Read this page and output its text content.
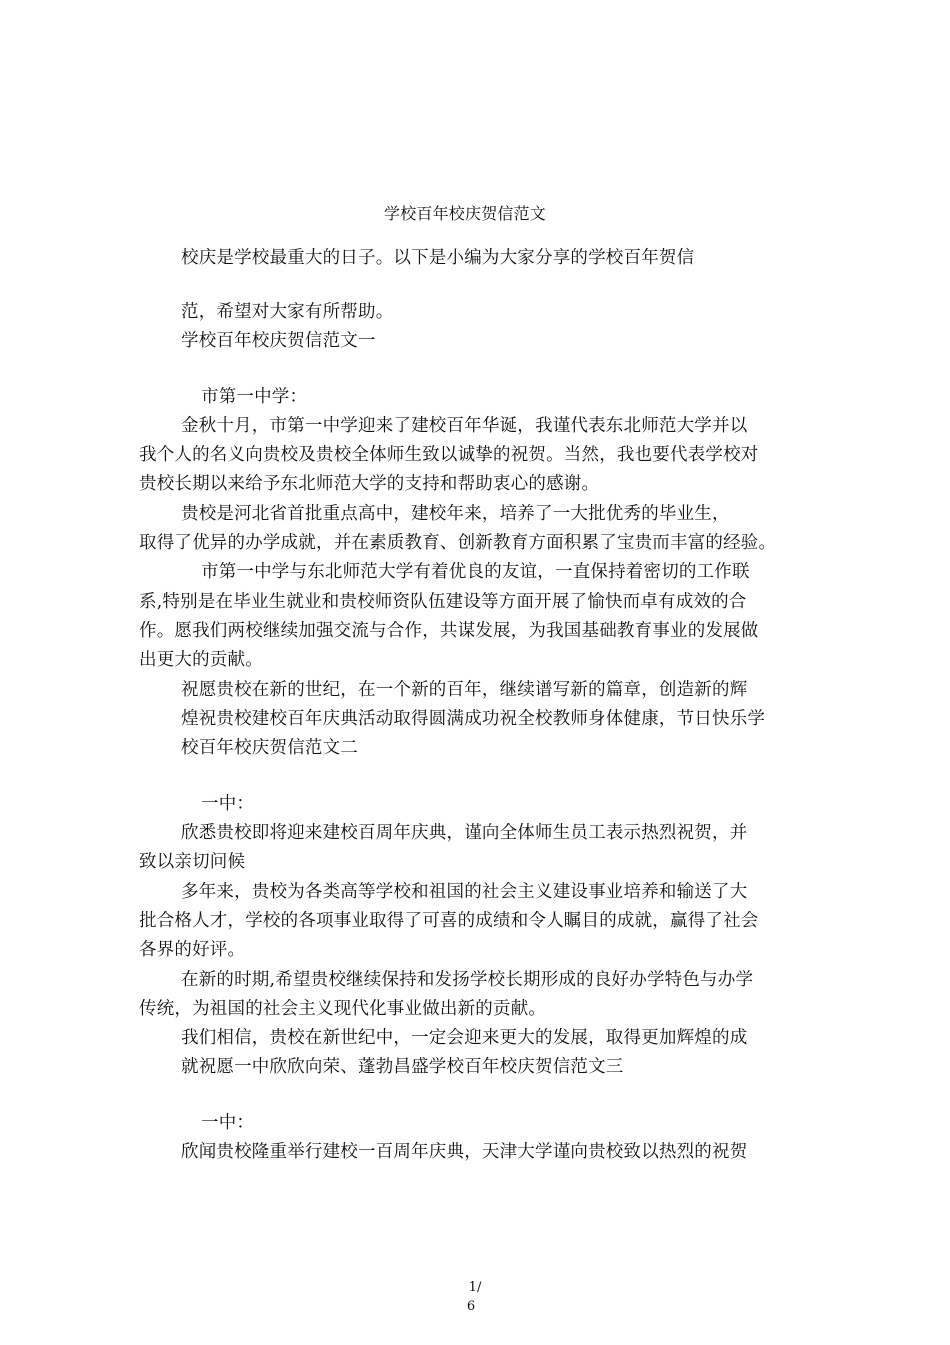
学校百年校庆贺信范文
校庆是学校最重大的日子。以下是小编为大家分享的学校百年贺信
范，希望对大家有所帮助。
学校百年校庆贺信范文一
市第一中学：
金秋十月，市第一中学迎来了建校百年华诞，我谨代表东北师范大学并以
我个人的名义向贵校及贵校全体师生致以诚挚的祝贺。当然，我也要代表学校对
贵校长期以来给予东北师范大学的支持和帮助衷心的感谢。
贵校是河北省首批重点高中，建校年来，培养了一大批优秀的毕业生，
取得了优异的办学成就，并在素质教育、创新教育方面积累了宝贵而丰富的经验。
市第一中学与东北师范大学有着优良的友谊，一直保持着密切的工作联
系,特别是在毕业生就业和贵校师资队伍建设等方面开展了愉快而卓有成效的合
作。愿我们两校继续加强交流与合作，共谋发展，为我国基础教育事业的发展做
出更大的贡献。
祝愿贵校在新的世纪，在一个新的百年，继续谱写新的篇章，创造新的辉
煌祝贵校建校百年庆典活动取得圆满成功祝全校教师身体健康，节日快乐学
校百年校庆贺信范文二
一中：
欣悉贵校即将迎来建校百周年庆典，谨向全体师生员工表示热烈祝贺，并
致以亲切问候
多年来，贵校为各类高等学校和祖国的社会主义建设事业培养和输送了大
批合格人才，学校的各项事业取得了可喜的成绩和令人瞩目的成就，赢得了社会
各界的好评。
在新的时期,希望贵校继续保持和发扬学校长期形成的良好办学特色与办学
传统，为祖国的社会主义现代化事业做出新的贡献。
我们相信，贵校在新世纪中，一定会迎来更大的发展，取得更加辉煌的成
就祝愿一中欣欣向荣、蓬勃昌盛学校百年校庆贺信范文三
一中：
欣闻贵校隆重举行建校一百周年庆典，天津大学谨向贵校致以热烈的祝贺
1/
6
